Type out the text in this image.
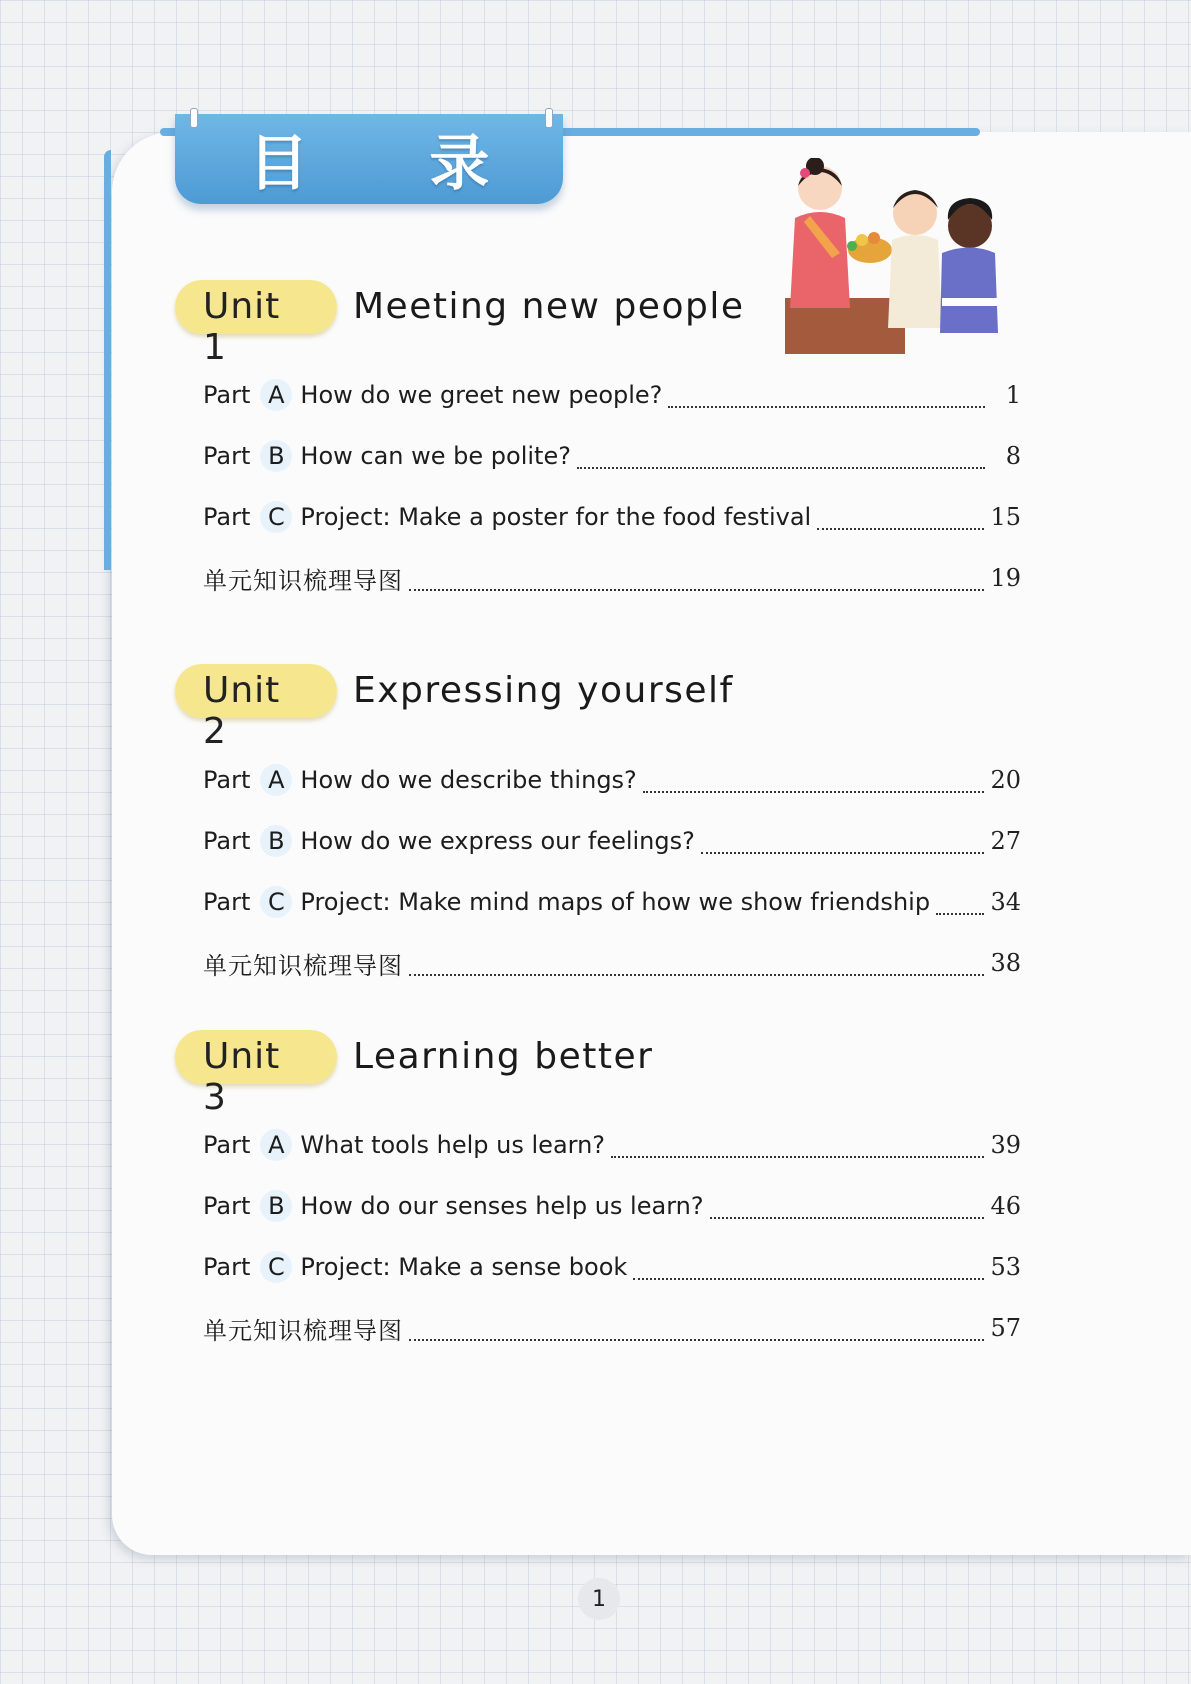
目 录
Unit 1
Meeting new people
Part A How do we greet new people?	1
Part B How can we be polite?	8
Part C Project: Make a poster for the food festival	15
单元知识梳理导图	19
Unit 2
Expressing yourself
Part A How do we describe things?	20
Part B How do we express our feelings?	27
Part C Project: Make mind maps of how we show friendship	34
单元知识梳理导图	38
Unit 3
Learning better
Part A What tools help us learn?	39
Part B How do our senses help us learn?	46
Part C Project: Make a sense book	53
单元知识梳理导图	57
1
